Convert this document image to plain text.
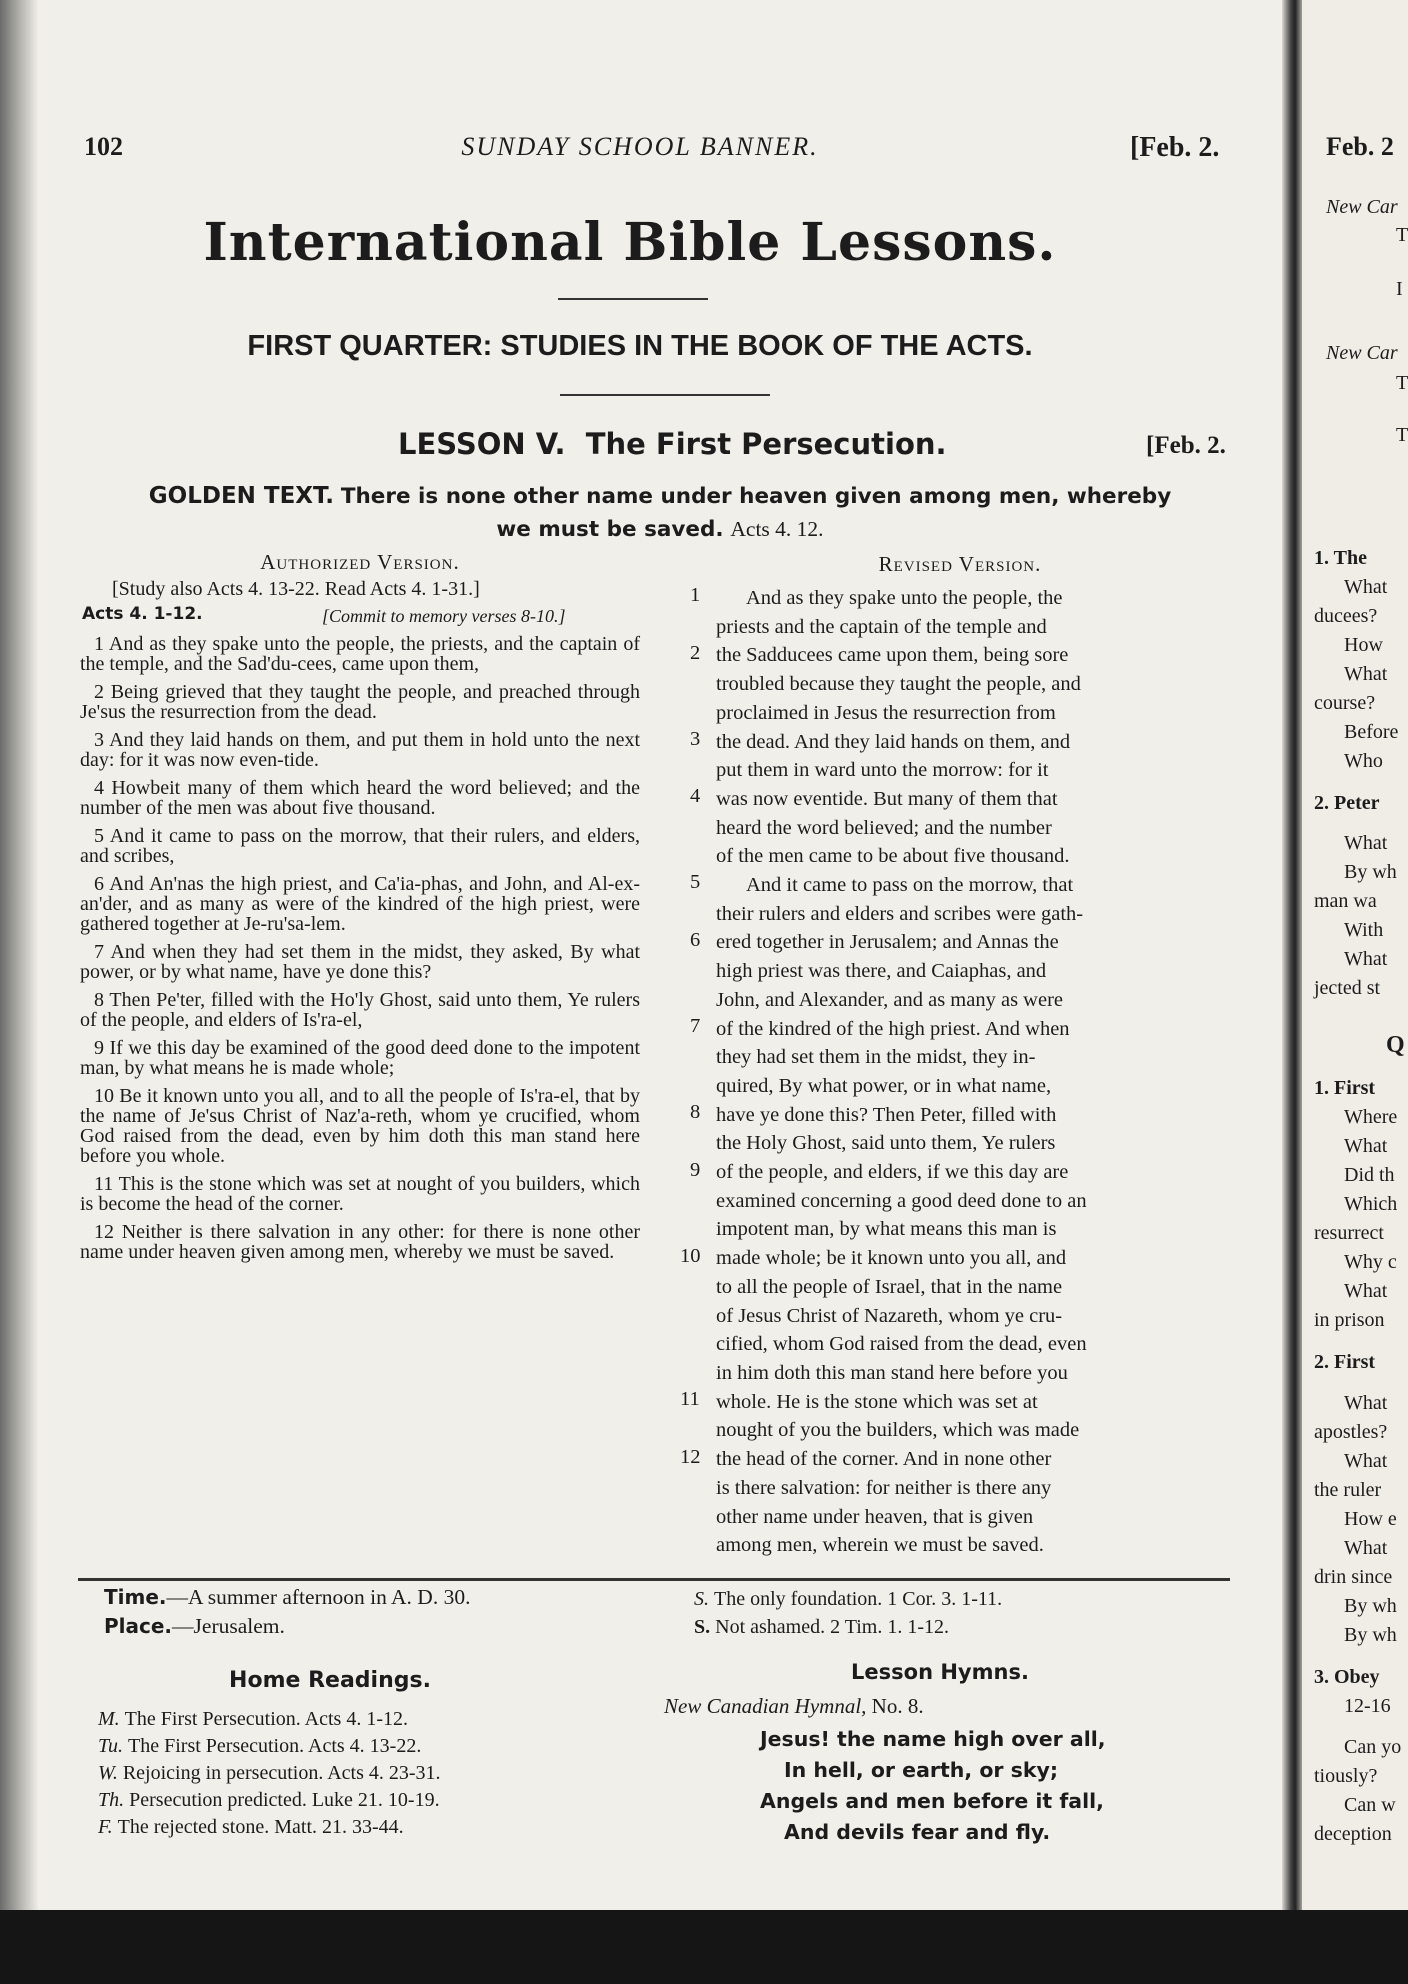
102	SUNDAY SCHOOL BANNER.	[Feb. 2.
International Bible Lessons.
FIRST QUARTER: STUDIES IN THE BOOK OF THE ACTS.
LESSON V.  The First Persecution.	[Feb. 2.
GOLDEN TEXT. There is none other name under heaven given among men, whereby
we must be saved. Acts 4. 12.
Authorized Version.
[Study also Acts 4. 13-22. Read Acts 4. 1-31.]
Acts 4. 1-12.	[Commit to memory verses 8-10.]

1 And as they spake unto the people, the priests, and the captain of the temple, and the Sad'du-cees, came upon them,

2 Being grieved that they taught the people, and preached through Je'sus the resurrection from the dead.

3 And they laid hands on them, and put them in hold unto the next day: for it was now even-tide.

4 Howbeit many of them which heard the word believed; and the number of the men was about five thousand.

5 And it came to pass on the morrow, that their rulers, and elders, and scribes,

6 And An'nas the high priest, and Ca'ia-phas, and John, and Al-ex-an'der, and as many as were of the kindred of the high priest, were gathered together at Je-ru'sa-lem.

7 And when they had set them in the midst, they asked, By what power, or by what name, have ye done this?

8 Then Pe'ter, filled with the Ho'ly Ghost, said unto them, Ye rulers of the people, and elders of Is'ra-el,

9 If we this day be examined of the good deed done to the impotent man, by what means he is made whole;

10 Be it known unto you all, and to all the people of Is'ra-el, that by the name of Je'sus Christ of Naz'a-reth, whom ye crucified, whom God raised from the dead, even by him doth this man stand here before you whole.

11 This is the stone which was set at nought of you builders, which is become the head of the corner.

12 Neither is there salvation in any other: for there is none other name under heaven given among men, whereby we must be saved.

Revised Version.
And as they spake unto the people, the
priests and the captain of the temple and
the Sadducees came upon them, being sore
troubled because they taught the people, and
proclaimed in Jesus the resurrection from
the dead. And they laid hands on them, and
put them in ward unto the morrow: for it
was now eventide. But many of them that
heard the word believed; and the number
of the men came to be about five thousand.
And it came to pass on the morrow, that
their rulers and elders and scribes were gath-
ered together in Jerusalem; and Annas the
high priest was there, and Caiaphas, and
John, and Alexander, and as many as were
of the kindred of the high priest. And when
they had set them in the midst, they in-
quired, By what power, or in what name,
have ye done this? Then Peter, filled with
the Holy Ghost, said unto them, Ye rulers
of the people, and elders, if we this day are
examined concerning a good deed done to an
impotent man, by what means this man is
made whole; be it known unto you all, and
to all the people of Israel, that in the name
of Jesus Christ of Nazareth, whom ye cru-
cified, whom God raised from the dead, even
in him doth this man stand here before you
whole. He is the stone which was set at
nought of you the builders, which was made
the head of the corner. And in none other
is there salvation: for neither is there any
other name under heaven, that is given
among men, wherein we must be saved.
1
2
3
4
5
6
7
8
9
10
11
12
Time.—A summer afternoon in A. D. 30.
Place.—Jerusalem.
Home Readings.
M. The First Persecution. Acts 4. 1-12.
Tu. The First Persecution. Acts 4. 13-22.
W. Rejoicing in persecution. Acts 4. 23-31.
Th. Persecution predicted. Luke 21. 10-19.
F. The rejected stone. Matt. 21. 33-44.
S. The only foundation. 1 Cor. 3. 1-11.
S. Not ashamed. 2 Tim. 1. 1-12.
Lesson Hymns.
New Canadian Hymnal, No. 8.
Jesus! the name high over all,
In hell, or earth, or sky;
Angels and men before it fall,
And devils fear and fly.
Feb. 2
New Car
T
I
New Car
T
T
1. The
What
ducees?
How
What
course?
Before
Who
2. Peter
What
By wh
man wa
With
What
jected st
Q
1. First
Where
What
Did th
Which
resurrect
Why c
What
in prison
2. First
What
apostles?
What
the ruler
How e
What
drin since
By wh
By wh
3. Obey
12-16
Can yo
tiously?
Can w
deception
